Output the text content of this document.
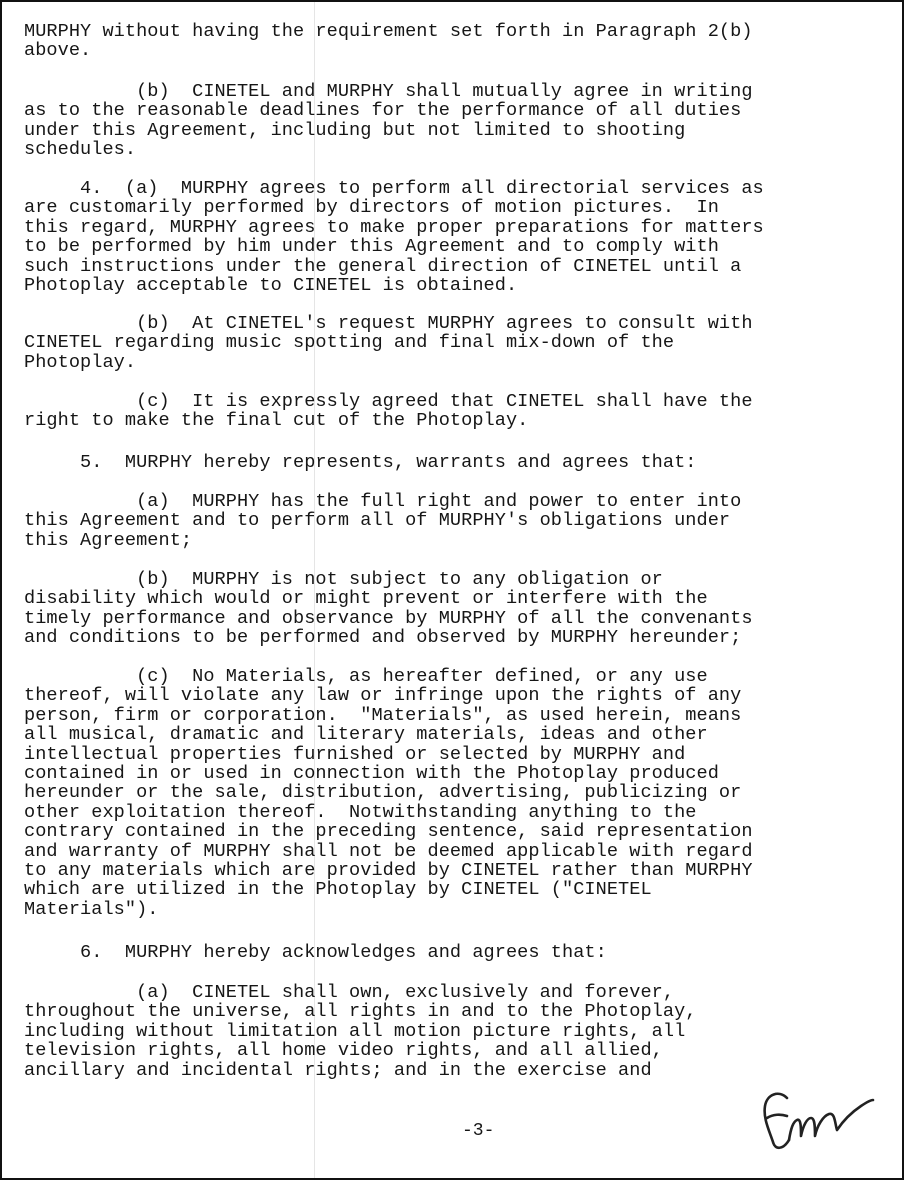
MURPHY without having the requirement set forth in Paragraph 2(b)
above.

(b)  CINETEL and MURPHY shall mutually agree in writing
as to the reasonable deadlines for the performance of all duties
under this Agreement, including but not limited to shooting
schedules.

4.  (a)  MURPHY agrees to perform all directorial services as
are customarily performed by directors of motion pictures.  In
this regard, MURPHY agrees to make proper preparations for matters
to be performed by him under this Agreement and to comply with
such instructions under the general direction of CINETEL until a
Photoplay acceptable to CINETEL is obtained.

(b)  At CINETEL's request MURPHY agrees to consult with
CINETEL regarding music spotting and final mix-down of the
Photoplay.

(c)  It is expressly agreed that CINETEL shall have the
right to make the final cut of the Photoplay.

5.  MURPHY hereby represents, warrants and agrees that:

(a)  MURPHY has the full right and power to enter into
this Agreement and to perform all of MURPHY's obligations under
this Agreement;

(b)  MURPHY is not subject to any obligation or
disability which would or might prevent or interfere with the
timely performance and observance by MURPHY of all the convenants
and conditions to be performed and observed by MURPHY hereunder;

(c)  No Materials, as hereafter defined, or any use
thereof, will violate any law or infringe upon the rights of any
person, firm or corporation.  "Materials", as used herein, means
all musical, dramatic and literary materials, ideas and other
intellectual properties furnished or selected by MURPHY and
contained in or used in connection with the Photoplay produced
hereunder or the sale, distribution, advertising, publicizing or
other exploitation thereof.  Notwithstanding anything to the
contrary contained in the preceding sentence, said representation
and warranty of MURPHY shall not be deemed applicable with regard
to any materials which are provided by CINETEL rather than MURPHY
which are utilized in the Photoplay by CINETEL ("CINETEL
Materials").

6.  MURPHY hereby acknowledges and agrees that:

(a)  CINETEL shall own, exclusively and forever,
throughout the universe, all rights in and to the Photoplay,
including without limitation all motion picture rights, all
television rights, all home video rights, and all allied,
ancillary and incidental rights; and in the exercise and

-3-
